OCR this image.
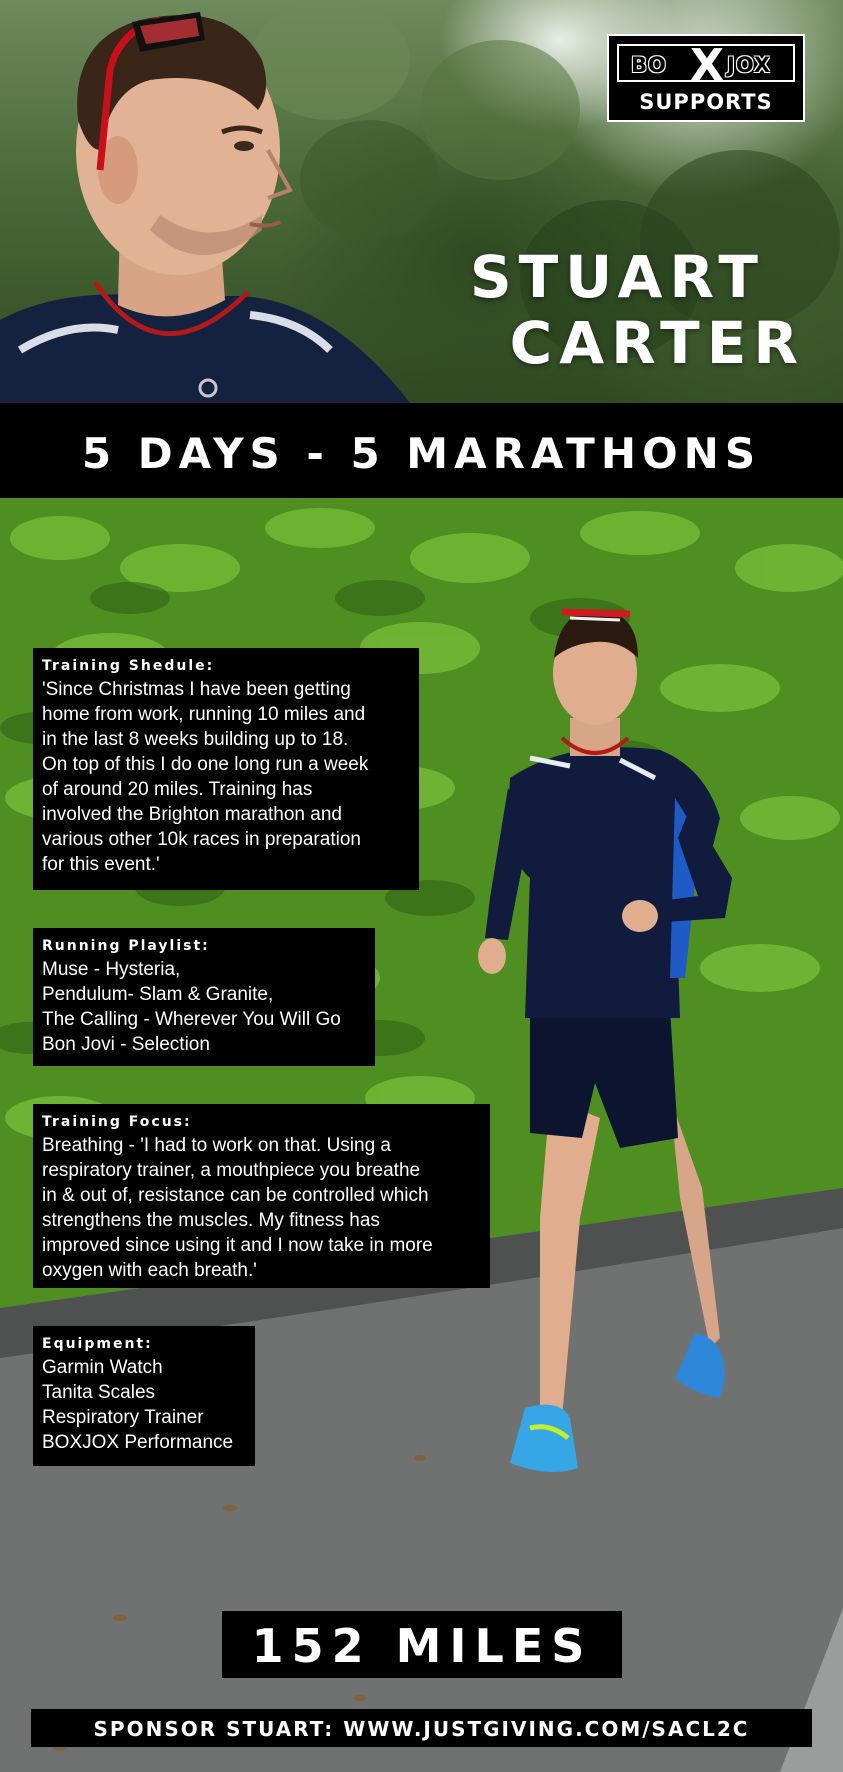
BO X JOX
SUPPORTS
STUART
CARTER
5 DAYS - 5 MARATHONS
Training Shedule:
'Since Christmas I have been getting
home from work, running 10 miles and
in the last 8 weeks building up to 18.
On top of this I do one long run a week
of around 20 miles. Training has
involved the Brighton marathon and
various other 10k races in preparation
for this event.'
Running Playlist:
Muse - Hysteria,
Pendulum- Slam & Granite,
The Calling - Wherever You Will Go
Bon Jovi - Selection
Training Focus:
Breathing - 'I had to work on that. Using a
respiratory trainer, a mouthpiece you breathe
in & out of, resistance can be controlled which
strengthens the muscles. My fitness has
improved since using it and I now take in more
oxygen with each breath.'
Equipment:
Garmin Watch
Tanita Scales
Respiratory Trainer
BOXJOX Performance
152 MILES
SPONSOR STUART: WWW.JUSTGIVING.COM/SACL2C
